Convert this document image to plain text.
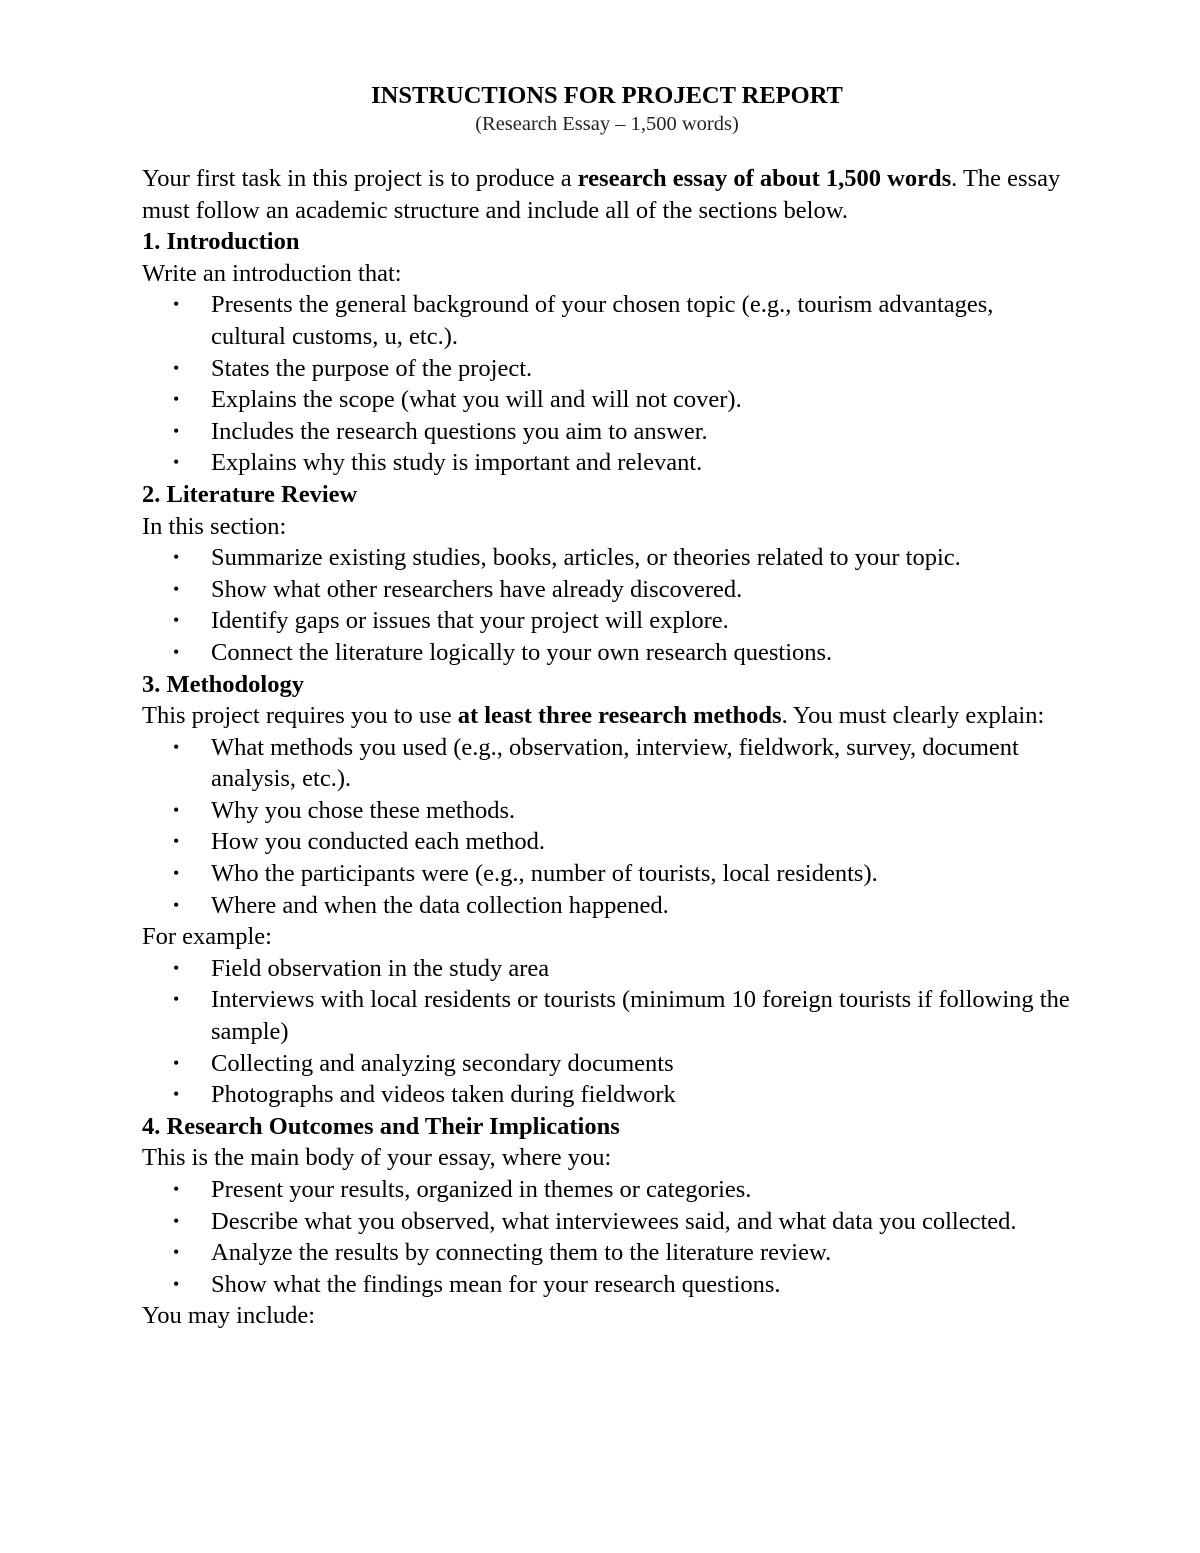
INSTRUCTIONS FOR PROJECT REPORT

(Research Essay – 1,500 words)

Your first task in this project is to produce a research essay of about 1,500 words. The essay must follow an academic structure and include all of the sections below.

1. Introduction

Write an introduction that:

• Presents the general background of your chosen topic (e.g., tourism advantages, cultural customs, u, etc.).
• States the purpose of the project.
• Explains the scope (what you will and will not cover).
• Includes the research questions you aim to answer.
• Explains why this study is important and relevant.

2. Literature Review

In this section:

• Summarize existing studies, books, articles, or theories related to your topic.
• Show what other researchers have already discovered.
• Identify gaps or issues that your project will explore.
• Connect the literature logically to your own research questions.

3. Methodology

This project requires you to use at least three research methods. You must clearly explain:

• What methods you used (e.g., observation, interview, fieldwork, survey, document analysis, etc.).
• Why you chose these methods.
• How you conducted each method.
• Who the participants were (e.g., number of tourists, local residents).
• Where and when the data collection happened.

For example:

• Field observation in the study area
• Interviews with local residents or tourists (minimum 10 foreign tourists if following the sample)
• Collecting and analyzing secondary documents
• Photographs and videos taken during fieldwork

4. Research Outcomes and Their Implications

This is the main body of your essay, where you:

• Present your results, organized in themes or categories.
• Describe what you observed, what interviewees said, and what data you collected.
• Analyze the results by connecting them to the literature review.
• Show what the findings mean for your research questions.

You may include:
